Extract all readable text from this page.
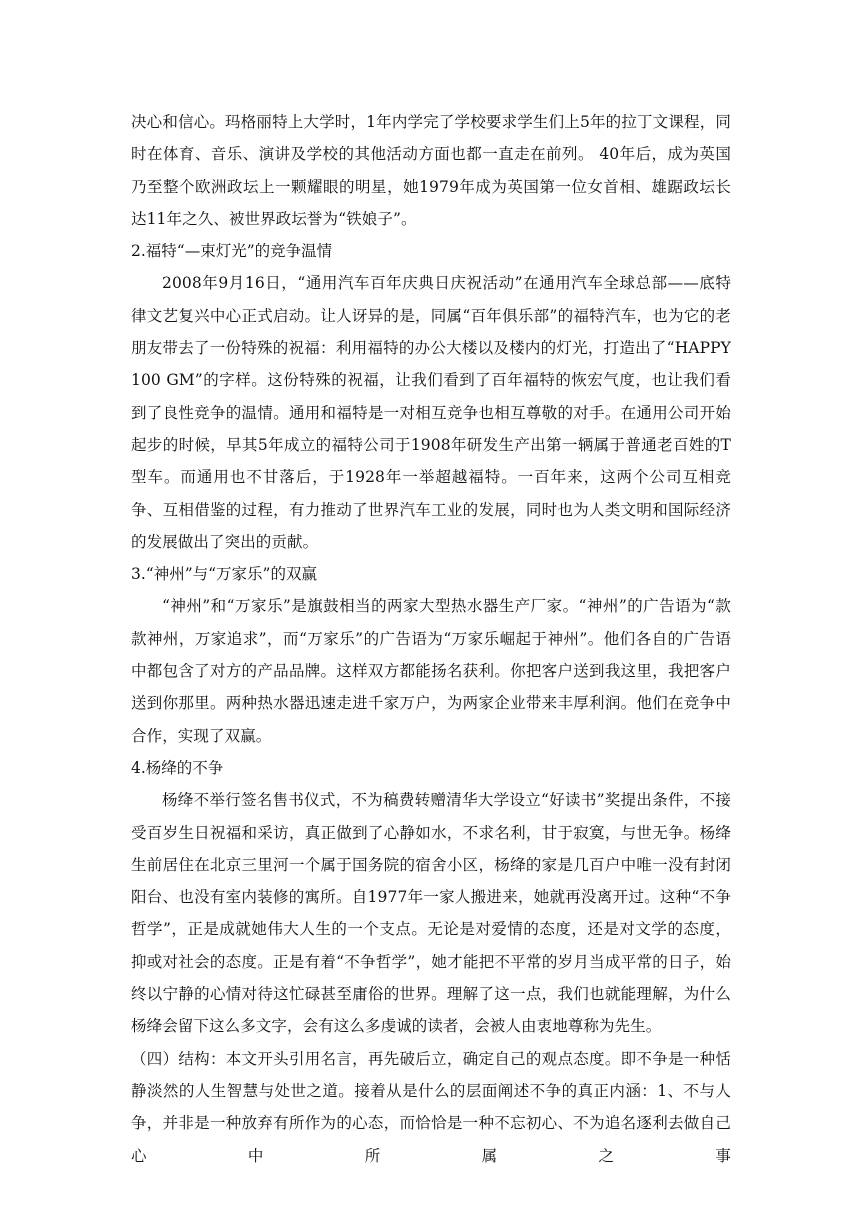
决心和信心。玛格丽特上大学时，1年内学完了学校要求学生们上5年的拉丁文课程，同时在体育、音乐、演讲及学校的其他活动方面也都一直走在前列。 40年后，成为英国乃至整个欧洲政坛上一颗耀眼的明星，她1979年成为英国第一位女首相、雄踞政坛长达11年之久、被世界政坛誉为“铁娘子”。

2.福特“—束灯光”的竞争温情

2008年9月16日，“通用汽车百年庆典日庆祝活动”在通用汽车全球总部——底特律文艺复兴中心正式启动。让人讶异的是，同属“百年俱乐部”的福特汽车，也为它的老朋友带去了一份特殊的祝福：利用福特的办公大楼以及楼内的灯光，打造出了“HAPPY 100 GM”的字样。这份特殊的祝福，让我们看到了百年福特的恢宏气度，也让我们看到了良性竞争的温情。通用和福特是一对相互竞争也相互尊敬的对手。在通用公司开始起步的时候，早其5年成立的福特公司于1908年研发生产出第一辆属于普通老百姓的T型车。而通用也不甘落后，于1928年一举超越福特。一百年来，这两个公司互相竞争、互相借鉴的过程，有力推动了世界汽车工业的发展，同时也为人类文明和国际经济的发展做出了突出的贡献。

3.“神州”与“万家乐”的双赢

“神州”和“万家乐”是旗鼓相当的两家大型热水器生产厂家。“神州”的广告语为“款款神州，万家追求”，而“万家乐”的广告语为“万家乐崛起于神州”。他们各自的广告语中都包含了对方的产品品牌。这样双方都能扬名获利。你把客户送到我这里，我把客户送到你那里。两种热水器迅速走进千家万户，为两家企业带来丰厚利润。他们在竞争中合作，实现了双赢。

4.杨绛的不争

杨绛不举行签名售书仪式，不为稿费转赠清华大学设立“好读书”奖提出条件，不接受百岁生日祝福和采访，真正做到了心静如水，不求名利，甘于寂寞，与世无争。杨绛生前居住在北京三里河一个属于国务院的宿舍小区，杨绛的家是几百户中唯一没有封闭阳台、也没有室内装修的寓所。自1977年一家人搬进来，她就再没离开过。这种“不争哲学”，正是成就她伟大人生的一个支点。无论是对爱情的态度，还是对文学的态度，抑或对社会的态度。正是有着“不争哲学”，她才能把不平常的岁月当成平常的日子，始终以宁静的心情对待这忙碌甚至庸俗的世界。理解了这一点，我们也就能理解，为什么杨绛会留下这么多文字，会有这么多虔诚的读者，会被人由衷地尊称为先生。

（四）结构：本文开头引用名言，再先破后立，确定自己的观点态度。即不争是一种恬静淡然的人生智慧与处世之道。接着从是什么的层面阐述不争的真正内涵：1、不与人争，并非是一种放弃有所作为的心态，而恰恰是一种不忘初心、不为追名逐利去做自己心中所属之事
